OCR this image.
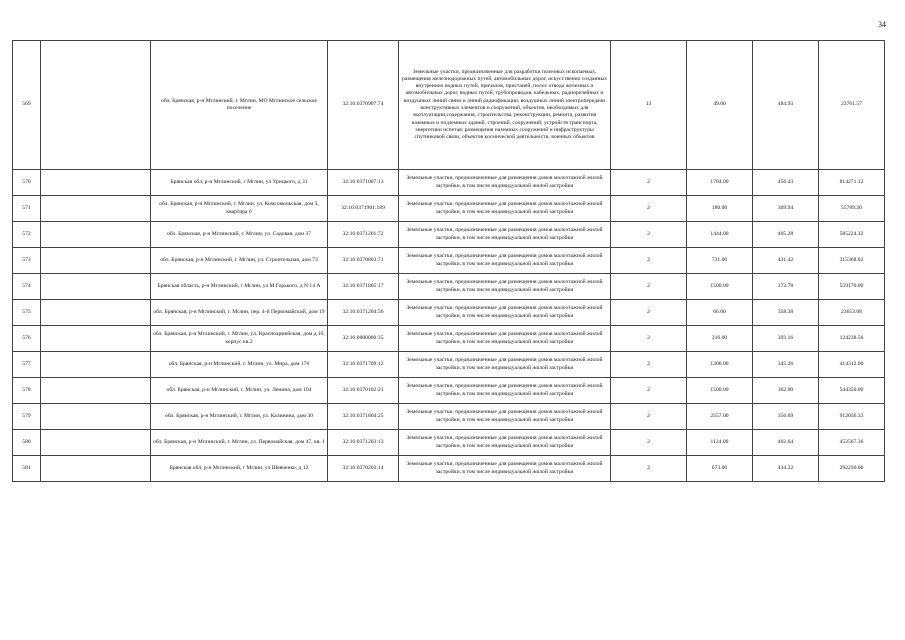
34
569		обл. Брянская, р-н Мглинский, г. Мглин, МО Мглинское сельское поселение	32:16:0370907:74	Земельные участки, предназначенные для разработки полезных ископаемых, размещения железнодорожных путей, автомобильных дорог, искусственно созданных внутренних водных путей, причалов, пристаней, полос отвода железных и автомобильных дорог, водных путей, трубопроводов, кабельных, радиорелейных и воздушных линий связи и линий радиофикации, воздушных линий электропередачи конструктивных элементов и сооружений, объектов, необходимых для эксплуатации,содержания, строительства, реконструкции, ремонта, развития наземных и подземных зданий, строений, сооружений, устройств транспорта, энергетики испетая; размещения наземных сооружений и инфраструктуры спутниковой связи, объектов космической деятельности, военных объектов	13	49.00	484.93	23761.57
570		Брянская обл, р-н Мглинский, г Мглин, ул Урицкого, д 31	32:16:0371007:13	Земельные участки, предназначенные для размещения домов малоэтажной жилой застройки, в том числе индивидуальной жилой застройки	2	1784.00	456.43	814271.12
571		обл. Брянская, р-н Мглинский, г. Мглин, ул. Комсомольская, дом 3, квартира 6	32:16:0371901:189	Земельные участки, предназначенные для размещения домов малоэтажной жилой застройки, в том числе индивидуальной жилой застройки	2	180.00	309.94	55789.20
572		обл. Брянская, р-н Мглинский, г. Мглин, ул. Садовая, дом 37	32:16:0371201:72	Земельные участки, предназначенные для размещения домов малоэтажной жилой застройки, в том числе индивидуальной жилой застройки	2	1444.00	405.28	585224.32
573		обл. Брянская, р-н Мглинский, г. Мглин, ул. Строительная, дом 73	32:16:0370803:71	Земельные участки, предназначенные для размещения домов малоэтажной жилой застройки, в том числе индивидуальной жилой застройки	2	731.00	431.42	315368.02
574		Брянская область, р-н Мглинский, г Мглин, ул М.Горького, д N 14 А	32:16:0371805:17	Земельные участки, предназначенные для размещения домов малоэтажной жилой застройки, в том числе индивидуальной жилой застройки	2	1500.00	372.78	559170.00
575		обл. Брянская, р-н Мглинский, г. Мглин, пер. 4-й Первомайский, дом 19	32:16:0371204:56	Земельные участки, предназначенные для размещения домов малоэтажной жилой застройки, в том числе индивидуальной жилой застройки	2	66.00	358.38	23653.08
576		обл. Брянская, р-н Мглинский, г. Мглин, ул. Красноармейская, дом д.10, корпус кв.2	32:16:0000000:35	Земельные участки, предназначенные для размещения домов малоэтажной жилой застройки, в том числе индивидуальной жилой застройки	2	316.00	393.16	124238.56
577		обл. Брянская, р-н Мглинский, г. Мглин, ул. Мира, дом 176	32:16:0371709:12	Земельные участки, предназначенные для размещения домов малоэтажной жилой застройки, в том числе индивидуальной жилой застройки	2	1200.00	345.26	414312.00
578		обл. Брянская, р-н Мглинский, г. Мглин, ул. Ленина, дом 104	32:16:0370102:21	Земельные участки, предназначенные для размещения домов малоэтажной жилой застройки, в том числе индивидуальной жилой застройки	2	1500.00	362.90	544350.00
579		обл. Брянская, р-н Мглинский, г. Мглин, ул. Калинина, дом 30	32:16:0371804:25	Земельные участки, предназначенные для размещения домов малоэтажной жилой застройки, в том числе индивидуальной жилой застройки	2	2557.00	356.69	912056.33
580		обл. Брянская, р-н Мглинский, г. Мглин, ул. Первомайская, дом 47, кв. 1	32:16:0371203:13	Земельные участки, предназначенные для размещения домов малоэтажной жилой застройки, в том числе индивидуальной жилой застройки	2	1124.00	402.64	452567.36
581		Брянская обл, р-н Мглинский, г Мглин, ул Шевченко, д 12	32:16:0370203:14	Земельные участки, предназначенные для размещения домов малоэтажной жилой застройки, в том числе индивидуальной жилой застройки	2	673.00	434.22	292230.06
